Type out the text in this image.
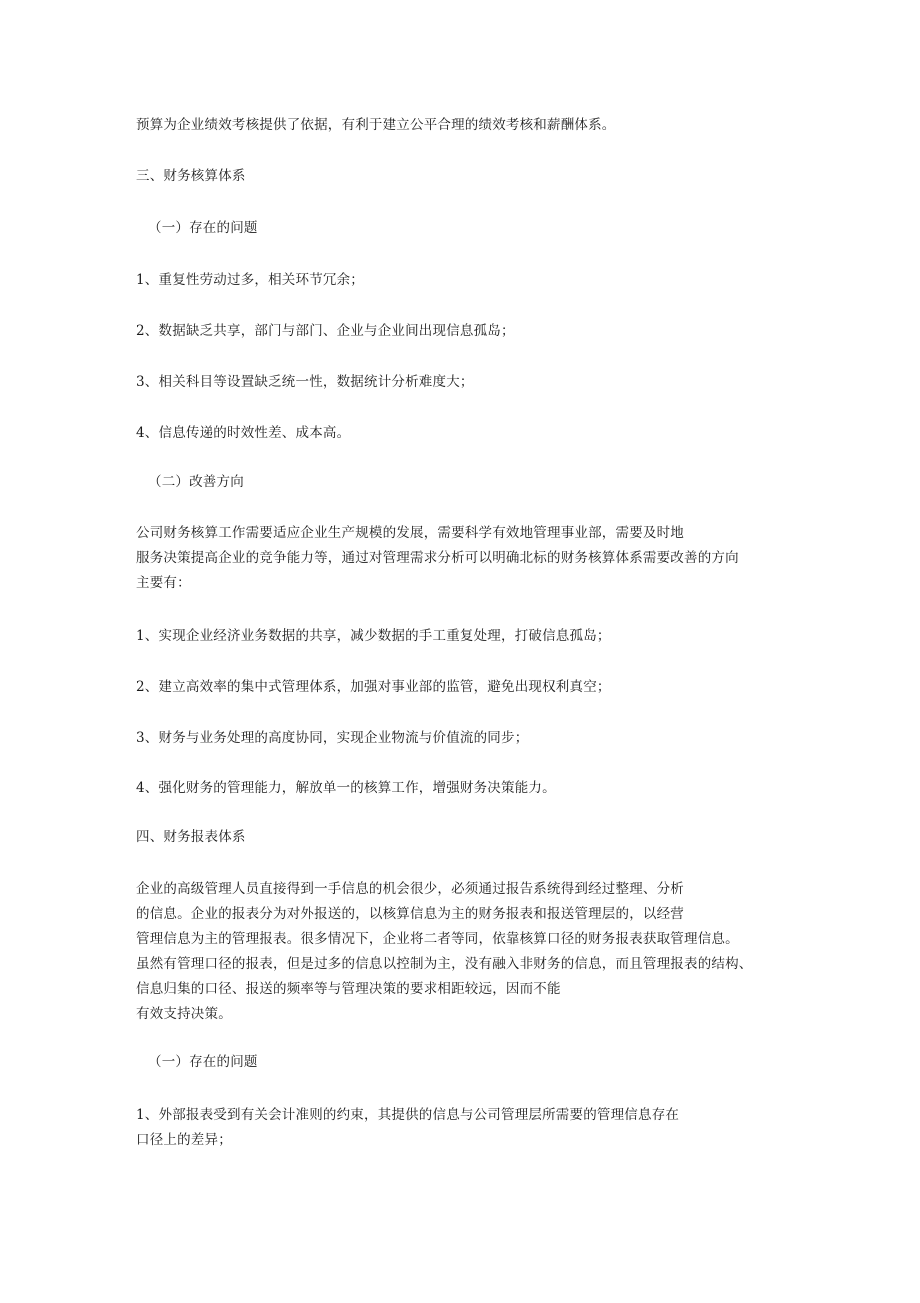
预算为企业绩效考核提供了依据，有利于建立公平合理的绩效考核和薪酬体系。
三、财务核算体系
（一）存在的问题
1、重复性劳动过多，相关环节冗余；
2、数据缺乏共享，部门与部门、企业与企业间出现信息孤岛；
3、相关科目等设置缺乏统一性，数据统计分析难度大；
4、信息传递的时效性差、成本高。
（二）改善方向
公司财务核算工作需要适应企业生产规模的发展，需要科学有效地管理事业部，需要及时地
服务决策提高企业的竞争能力等，通过对管理需求分析可以明确北标的财务核算体系需要改善的方向
主要有：
1、实现企业经济业务数据的共享，减少数据的手工重复处理，打破信息孤岛；
2、建立高效率的集中式管理体系，加强对事业部的监管，避免出现权利真空；
3、财务与业务处理的高度协同，实现企业物流与价值流的同步；
4、强化财务的管理能力，解放单一的核算工作，增强财务决策能力。
四、财务报表体系
企业的高级管理人员直接得到一手信息的机会很少，必须通过报告系统得到经过整理、分析
的信息。企业的报表分为对外报送的，以核算信息为主的财务报表和报送管理层的，以经营
管理信息为主的管理报表。很多情况下，企业将二者等同，依靠核算口径的财务报表获取管理信息。
虽然有管理口径的报表，但是过多的信息以控制为主，没有融入非财务的信息，而且管理报表的结构、
信息归集的口径、报送的频率等与管理决策的要求相距较远，因而不能
有效支持决策。
（一）存在的问题
1、外部报表受到有关会计准则的约束，其提供的信息与公司管理层所需要的管理信息存在
口径上的差异；
